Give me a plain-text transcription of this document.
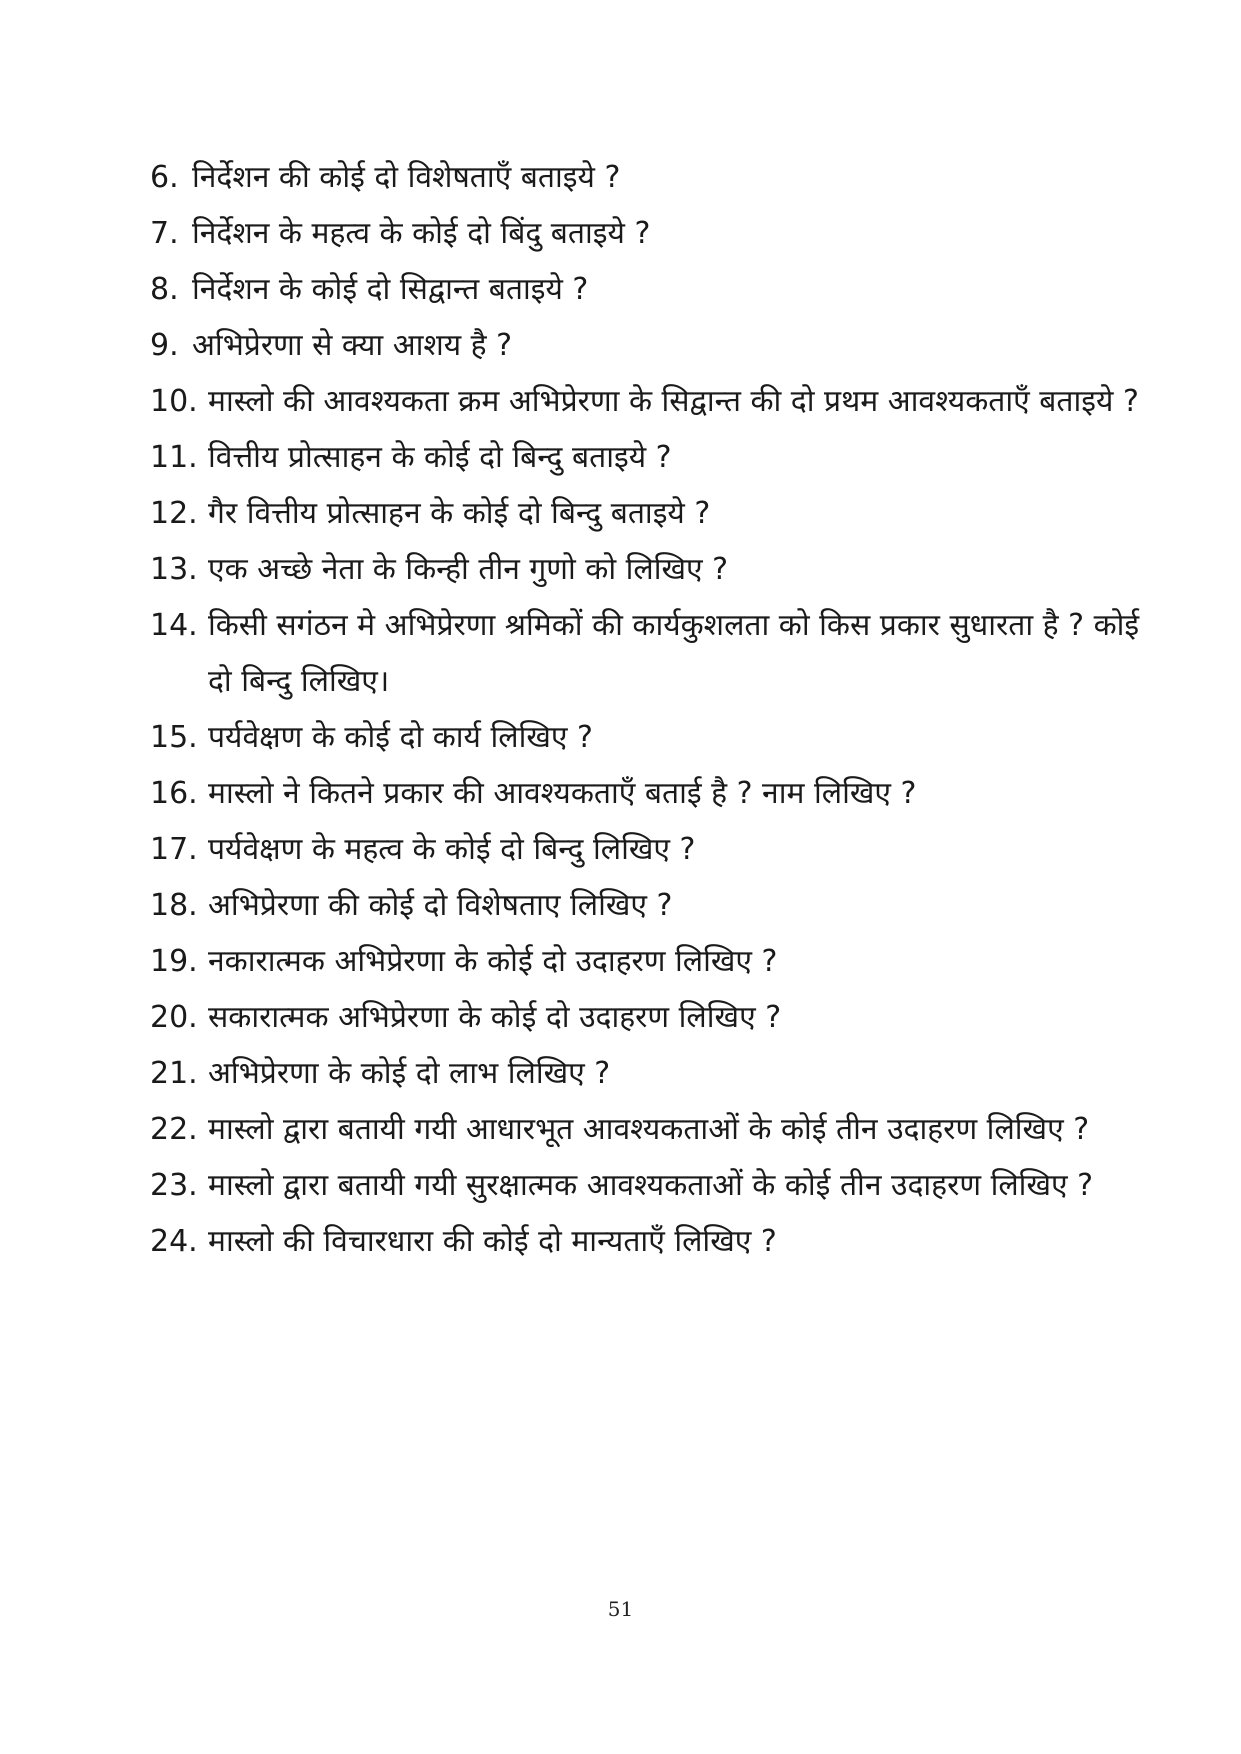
6. निर्देशन की कोई दो विशेषताएँ बताइये ?
7. निर्देशन के महत्व के कोई दो बिंदु बताइये ?
8. निर्देशन के कोई दो सिद्वान्त बताइये ?
9. अभिप्रेरणा से क्या आशय है ?
10. मास्लो की आवश्यकता क्रम अभिप्रेरणा के सिद्वान्त की दो प्रथम आवश्यकताएँ बताइये ?
11. वित्तीय प्रोत्साहन के कोई दो बिन्दु बताइये ?
12. गैर वित्तीय प्रोत्साहन के कोई दो बिन्दु बताइये ?
13. एक अच्छे नेता के किन्ही तीन गुणो को लिखिए ?
14. किसी सगंठन मे अभिप्रेरणा श्रमिकों की कार्यकुशलता को किस प्रकार सुधारता है ? कोई दो बिन्दु लिखिए।
15. पर्यवेक्षण के कोई दो कार्य लिखिए ?
16. मास्लो ने कितने प्रकार की आवश्यकताएँ बताई है ? नाम लिखिए ?
17. पर्यवेक्षण के महत्व के कोई दो बिन्दु लिखिए ?
18. अभिप्रेरणा की कोई दो विशेषताए लिखिए ?
19. नकारात्मक अभिप्रेरणा के कोई दो उदाहरण लिखिए ?
20. सकारात्मक अभिप्रेरणा के कोई दो उदाहरण लिखिए ?
21. अभिप्रेरणा के कोई दो लाभ लिखिए ?
22. मास्लो द्वारा बतायी गयी आधारभूत आवश्यकताओं के कोई तीन उदाहरण लिखिए ?
23. मास्लो द्वारा बतायी गयी सुरक्षात्मक आवश्यकताओं के कोई तीन उदाहरण लिखिए ?
24. मास्लो की विचारधारा की कोई दो मान्यताएँ लिखिए ?
51
